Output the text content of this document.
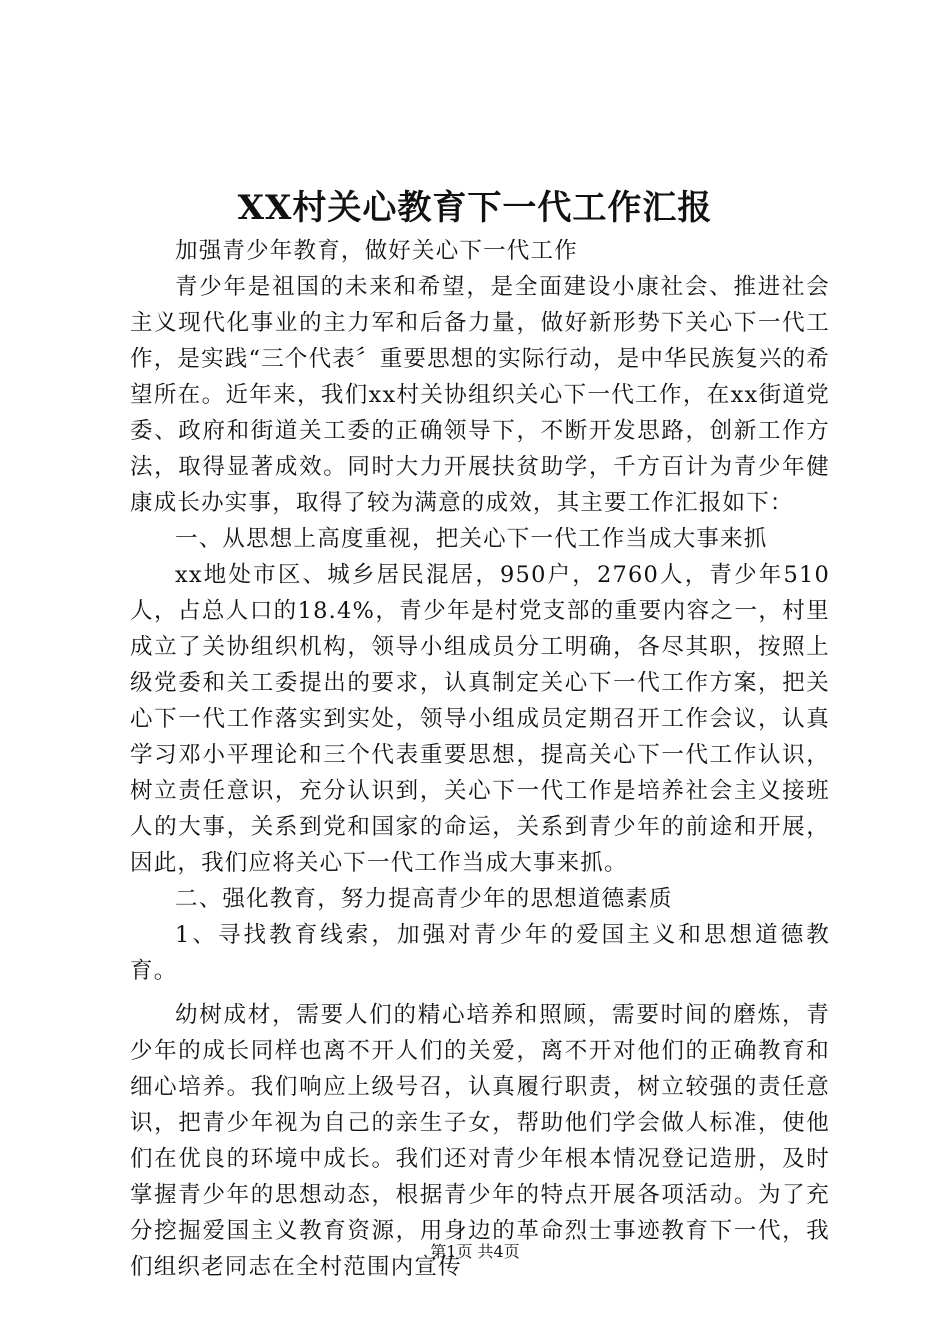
XX村关心教育下一代工作汇报

加强青少年教育，做好关心下一代工作

青少年是祖国的未来和希望，是全面建设小康社会、推进社会主义现代化事业的主力军和后备力量，做好新形势下关心下一代工作，是实践“三个代表〞重要思想的实际行动，是中华民族复兴的希望所在。近年来，我们xx村关协组织关心下一代工作，在xx街道党委、政府和街道关工委的正确领导下，不断开发思路，创新工作方法，取得显著成效。同时大力开展扶贫助学，千方百计为青少年健康成长办实事，取得了较为满意的成效，其主要工作汇报如下：

一、从思想上高度重视，把关心下一代工作当成大事来抓

xx地处市区、城乡居民混居，950户，2760人，青少年510人，占总人口的18.4%，青少年是村党支部的重要内容之一，村里成立了关协组织机构，领导小组成员分工明确，各尽其职，按照上级党委和关工委提出的要求，认真制定关心下一代工作方案，把关心下一代工作落实到实处，领导小组成员定期召开工作会议，认真学习邓小平理论和三个代表重要思想，提高关心下一代工作认识，树立责任意识，充分认识到，关心下一代工作是培养社会主义接班人的大事，关系到党和国家的命运，关系到青少年的前途和开展，因此，我们应将关心下一代工作当成大事来抓。

二、强化教育，努力提高青少年的思想道德素质

1、寻找教育线索，加强对青少年的爱国主义和思想道德教育。

幼树成材，需要人们的精心培养和照顾，需要时间的磨炼，青少年的成长同样也离不开人们的关爱，离不开对他们的正确教育和细心培养。我们响应上级号召，认真履行职责，树立较强的责任意识，把青少年视为自己的亲生子女，帮助他们学会做人标准，使他们在优良的环境中成长。我们还对青少年根本情况登记造册，及时掌握青少年的思想动态，根据青少年的特点开展各项活动。为了充分挖掘爱国主义教育资源，用身边的革命烈士事迹教育下一代，我们组织老同志在全村范围内宣传

第1页 共4页
